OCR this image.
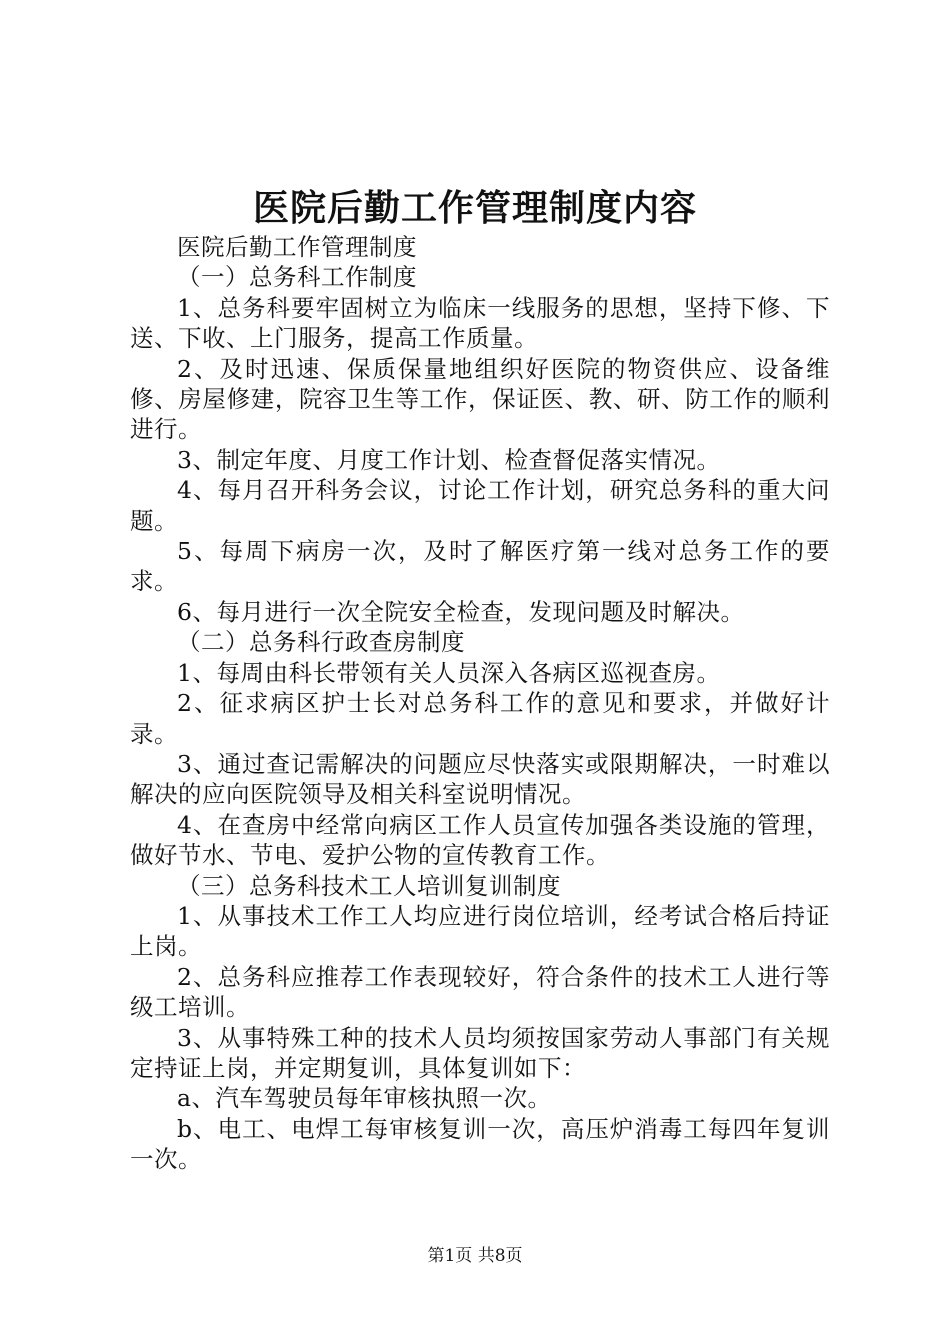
医院后勤工作管理制度内容

医院后勤工作管理制度

（一）总务科工作制度

1、总务科要牢固树立为临床一线服务的思想，坚持下修、下送、下收、上门服务，提高工作质量。

2、及时迅速、保质保量地组织好医院的物资供应、设备维修、房屋修建，院容卫生等工作，保证医、教、研、防工作的顺利进行。

3、制定年度、月度工作计划、检查督促落实情况。

4、每月召开科务会议，讨论工作计划，研究总务科的重大问题。

5、每周下病房一次，及时了解医疗第一线对总务工作的要求。

6、每月进行一次全院安全检查，发现问题及时解决。

（二）总务科行政查房制度

1、每周由科长带领有关人员深入各病区巡视查房。

2、征求病区护士长对总务科工作的意见和要求，并做好计录。

3、通过查记需解决的问题应尽快落实或限期解决，一时难以解决的应向医院领导及相关科室说明情况。

4、在查房中经常向病区工作人员宣传加强各类设施的管理，做好节水、节电、爱护公物的宣传教育工作。

（三）总务科技术工人培训复训制度

1、从事技术工作工人均应进行岗位培训，经考试合格后持证上岗。

2、总务科应推荐工作表现较好，符合条件的技术工人进行等级工培训。

3、从事特殊工种的技术人员均须按国家劳动人事部门有关规定持证上岗，并定期复训，具体复训如下：

a、汽车驾驶员每年审核执照一次。

b、电工、电焊工每审核复训一次，高压炉消毒工每四年复训一次。

第1页 共8页
